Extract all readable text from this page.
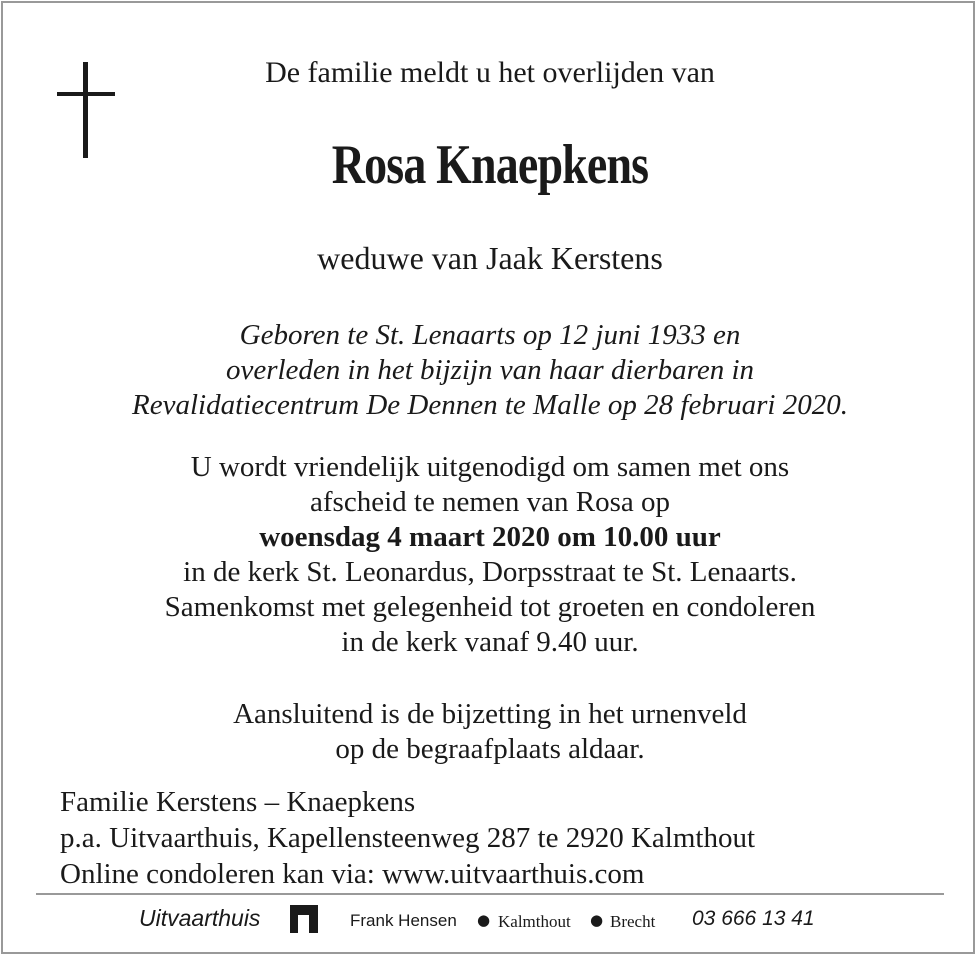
De familie meldt u het overlijden van
Rosa Knaepkens
weduwe van Jaak Kerstens
Geboren te St. Lenaarts op 12 juni 1933 en
overleden in het bijzijn van haar dierbaren in
Revalidatiecentrum De Dennen te Malle op 28 februari 2020.
U wordt vriendelijk uitgenodigd om samen met ons
afscheid te nemen van Rosa op
woensdag 4 maart 2020 om 10.00 uur
in de kerk St. Leonardus, Dorpsstraat te St. Lenaarts.
Samenkomst met gelegenheid tot groeten en condoleren
in de kerk vanaf 9.40 uur.
Aansluitend is de bijzetting in het urnenveld
op de begraafplaats aldaar.
Familie Kerstens – Knaepkens
p.a. Uitvaarthuis, Kapellensteenweg 287 te 2920 Kalmthout
Online condoleren kan via: www.uitvaarthuis.com
Uitvaarthuis	Frank Hensen ● Kalmthout ● Brecht 03 666 13 41
